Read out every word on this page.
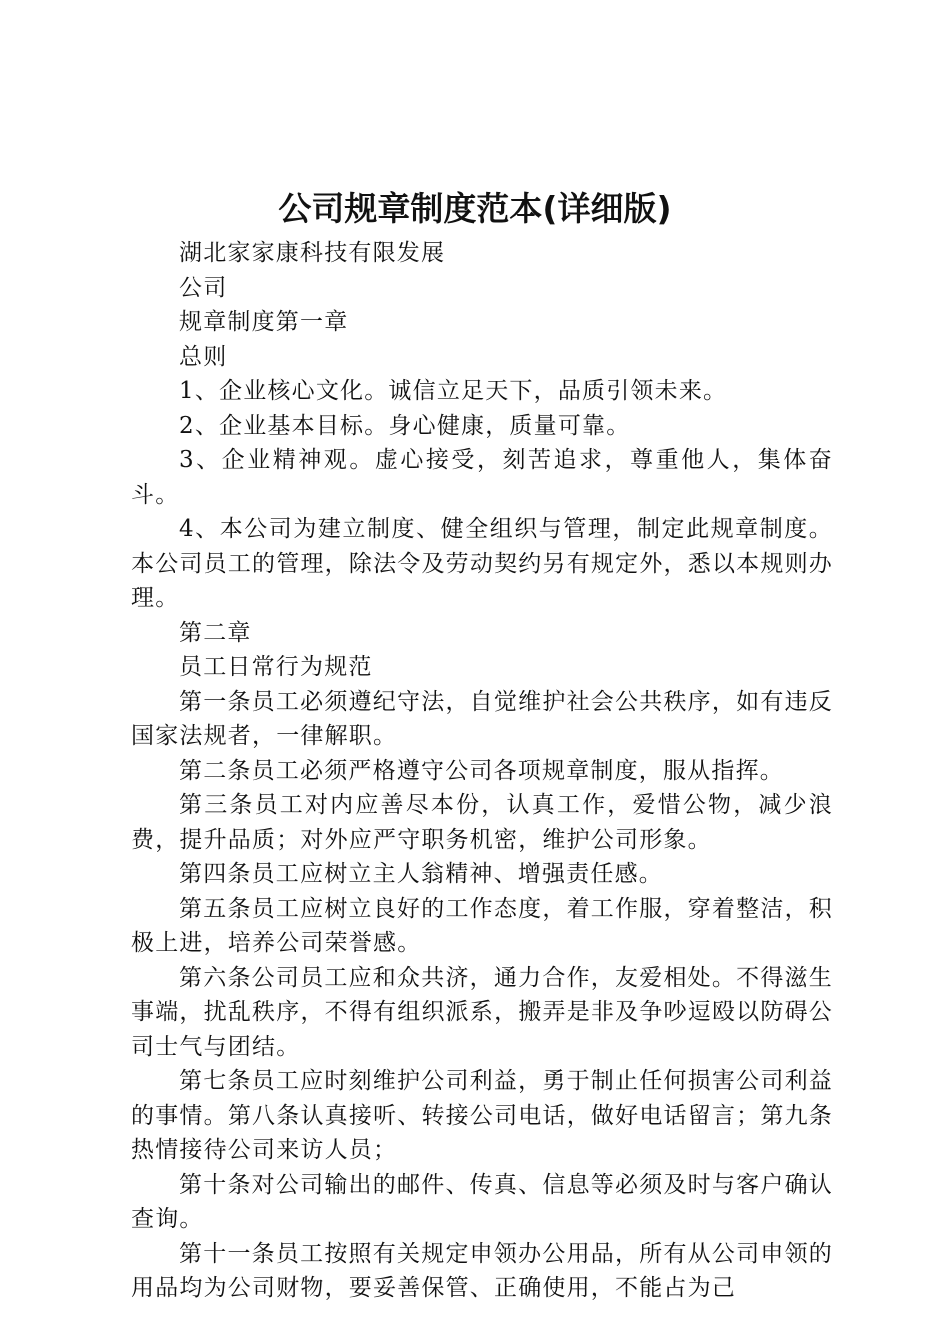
公司规章制度范本(详细版)

湖北家家康科技有限发展

公司

规章制度第一章

总则

1、企业核心文化。诚信立足天下，品质引领未来。

2、企业基本目标。身心健康，质量可靠。

3、企业精神观。虚心接受，刻苦追求，尊重他人，集体奋斗。

4、本公司为建立制度、健全组织与管理，制定此规章制度。本公司员工的管理，除法令及劳动契约另有规定外，悉以本规则办理。

第二章

员工日常行为规范

第一条员工必须遵纪守法，自觉维护社会公共秩序，如有违反国家法规者，一律解职。

第二条员工必须严格遵守公司各项规章制度，服从指挥。

第三条员工对内应善尽本份，认真工作，爱惜公物，减少浪费，提升品质；对外应严守职务机密，维护公司形象。

第四条员工应树立主人翁精神、增强责任感。

第五条员工应树立良好的工作态度，着工作服，穿着整洁，积极上进，培养公司荣誉感。

第六条公司员工应和众共济，通力合作，友爱相处。不得滋生事端，扰乱秩序，不得有组织派系，搬弄是非及争吵逗殴以防碍公司士气与团结。

第七条员工应时刻维护公司利益，勇于制止任何损害公司利益的事情。第八条认真接听、转接公司电话，做好电话留言；第九条热情接待公司来访人员；

第十条对公司输出的邮件、传真、信息等必须及时与客户确认查询。

第十一条员工按照有关规定申领办公用品，所有从公司申领的用品均为公司财物，要妥善保管、正确使用，不能占为己
